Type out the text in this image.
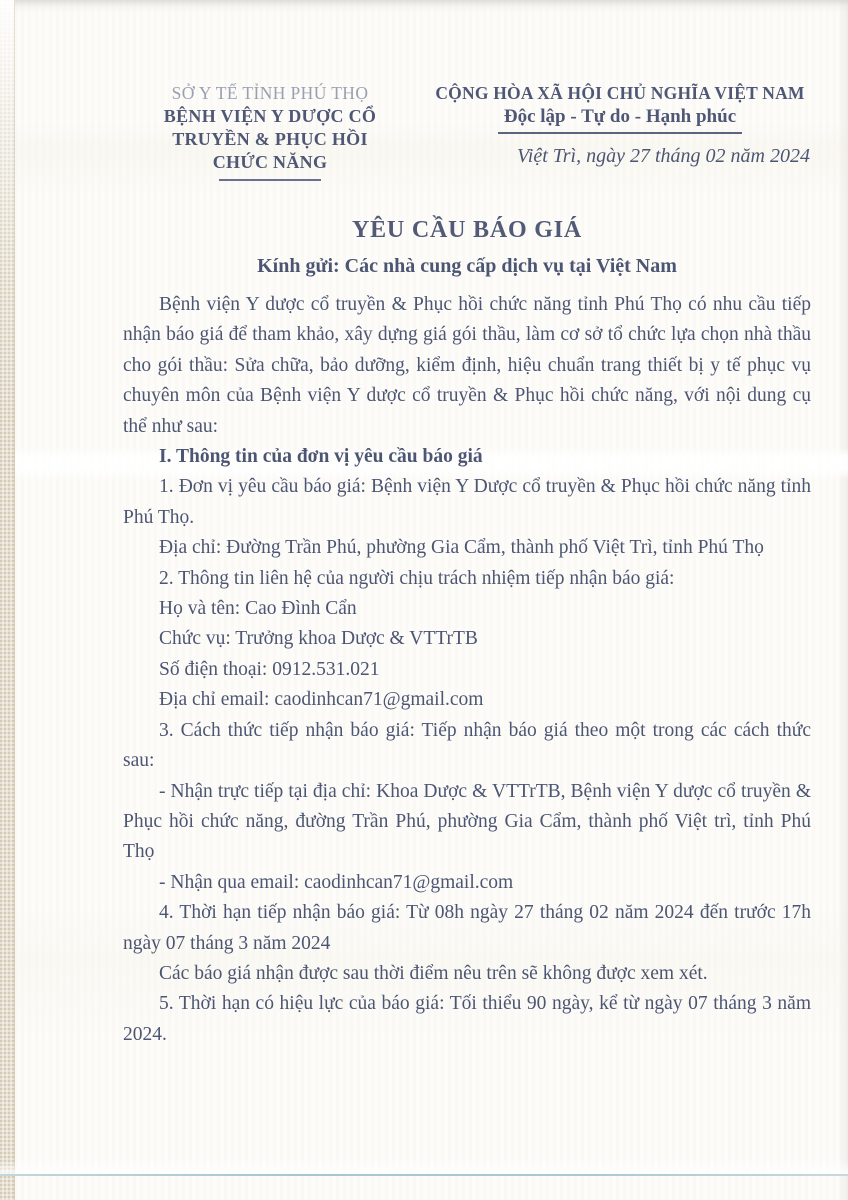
SỞ Y TẾ TỈNH PHÚ THỌ
BỆNH VIỆN Y DƯỢC CỔ
TRUYỀN & PHỤC HỒI
CHỨC NĂNG
CỘNG HÒA XÃ HỘI CHỦ NGHĨA VIỆT NAM
Độc lập - Tự do - Hạnh phúc
Việt Trì, ngày 27 tháng 02 năm 2024
YÊU CẦU BÁO GIÁ
Kính gửi: Các nhà cung cấp dịch vụ tại Việt Nam

Bệnh viện Y dược cổ truyền & Phục hồi chức năng tỉnh Phú Thọ có nhu cầu tiếp nhận báo giá để tham khảo, xây dựng giá gói thầu, làm cơ sở tổ chức lựa chọn nhà thầu cho gói thầu: Sửa chữa, bảo dưỡng, kiểm định, hiệu chuẩn trang thiết bị y tế phục vụ chuyên môn của Bệnh viện Y dược cổ truyền & Phục hồi chức năng, với nội dung cụ thể như sau:

I. Thông tin của đơn vị yêu cầu báo giá

1. Đơn vị yêu cầu báo giá: Bệnh viện Y Dược cổ truyền & Phục hồi chức năng tỉnh Phú Thọ.

Địa chỉ: Đường Trần Phú, phường Gia Cẩm, thành phố Việt Trì, tỉnh Phú Thọ

2. Thông tin liên hệ của người chịu trách nhiệm tiếp nhận báo giá:

Họ và tên: Cao Đình Cẩn

Chức vụ: Trưởng khoa Dược & VTTrTB

Số điện thoại: 0912.531.021

Địa chỉ email: caodinhcan71@gmail.com

3. Cách thức tiếp nhận báo giá: Tiếp nhận báo giá theo một trong các cách thức sau:

- Nhận trực tiếp tại địa chỉ: Khoa Dược & VTTrTB, Bệnh viện Y dược cổ truyền & Phục hồi chức năng, đường Trần Phú, phường Gia Cẩm, thành phố Việt trì, tỉnh Phú Thọ

- Nhận qua email: caodinhcan71@gmail.com

4. Thời hạn tiếp nhận báo giá: Từ 08h ngày 27 tháng 02 năm 2024 đến trước 17h ngày 07 tháng 3 năm 2024

Các báo giá nhận được sau thời điểm nêu trên sẽ không được xem xét.

5. Thời hạn có hiệu lực của báo giá: Tối thiểu 90 ngày, kể từ ngày 07 tháng 3 năm 2024.
